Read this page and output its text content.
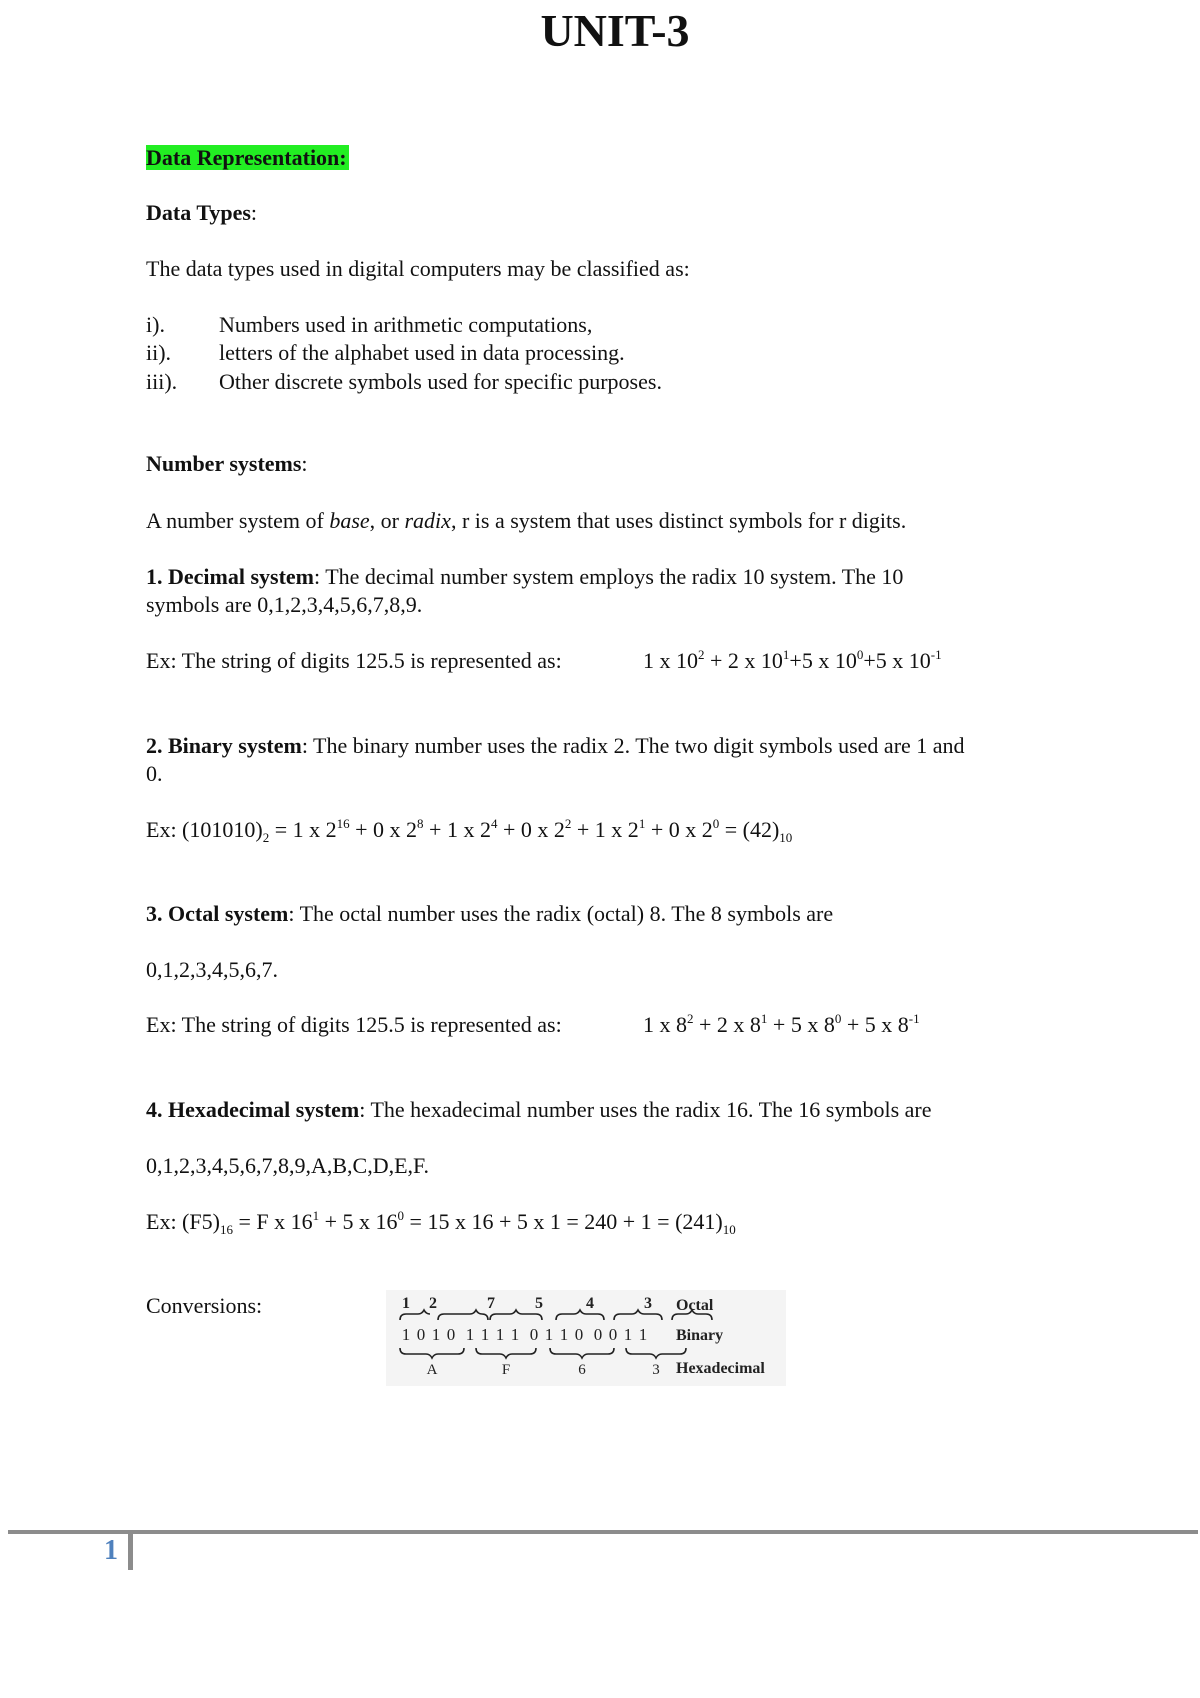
UNIT-3
Data Representation:
Data Types:
The data types used in digital computers may be classified as:
i). Numbers used in arithmetic computations,
ii). letters of the alphabet used in data processing.
iii). Other discrete symbols used for specific purposes.
Number systems:
A number system of base, or radix, r is a system that uses distinct symbols for r digits.
1. Decimal system: The decimal number system employs the radix 10 system. The 10
symbols are 0,1,2,3,4,5,6,7,8,9.
Ex: The string of digits 125.5 is represented as:	1 x $10^2 + 2$ x $10^1+5$ x $10^0+5$ x $10^{-1}$
2. Binary system: The binary number uses the radix 2. The two digit symbols used are 1 and
0.
Ex: $(101010)_2 = 1$ x $2^{16} + 0$ x $2^8 + 1$ x $2^4 + 0$ x $2^2 + 1$ x $2^1 + 0$ x $2^0 = (42)_{10}$
3. Octal system: The octal number uses the radix (octal) 8. The 8 symbols are
0,1,2,3,4,5,6,7.
Ex: The string of digits 125.5 is represented as:	1 x $8^2 + 2$ x $8^1 + 5$ x $8^0 + 5$ x $8^{-1}$
4. Hexadecimal system: The hexadecimal number uses the radix 16. The 16 symbols are
0,1,2,3,4,5,6,7,8,9,A,B,C,D,E,F.
Ex: $(F5)_{16} = F$ x $16^1 + 5$ x $16^0 = 15$ x 16 + 5 x $1 = 240 + 1 = (241)_{10}$
Conversions:	1 2	7	5	4	3
1 0 1 0 1 1 1 1 0 1 1 0 0 0 1 1
A	F	6	3
Octal
Binary
Hexadecimal
1
